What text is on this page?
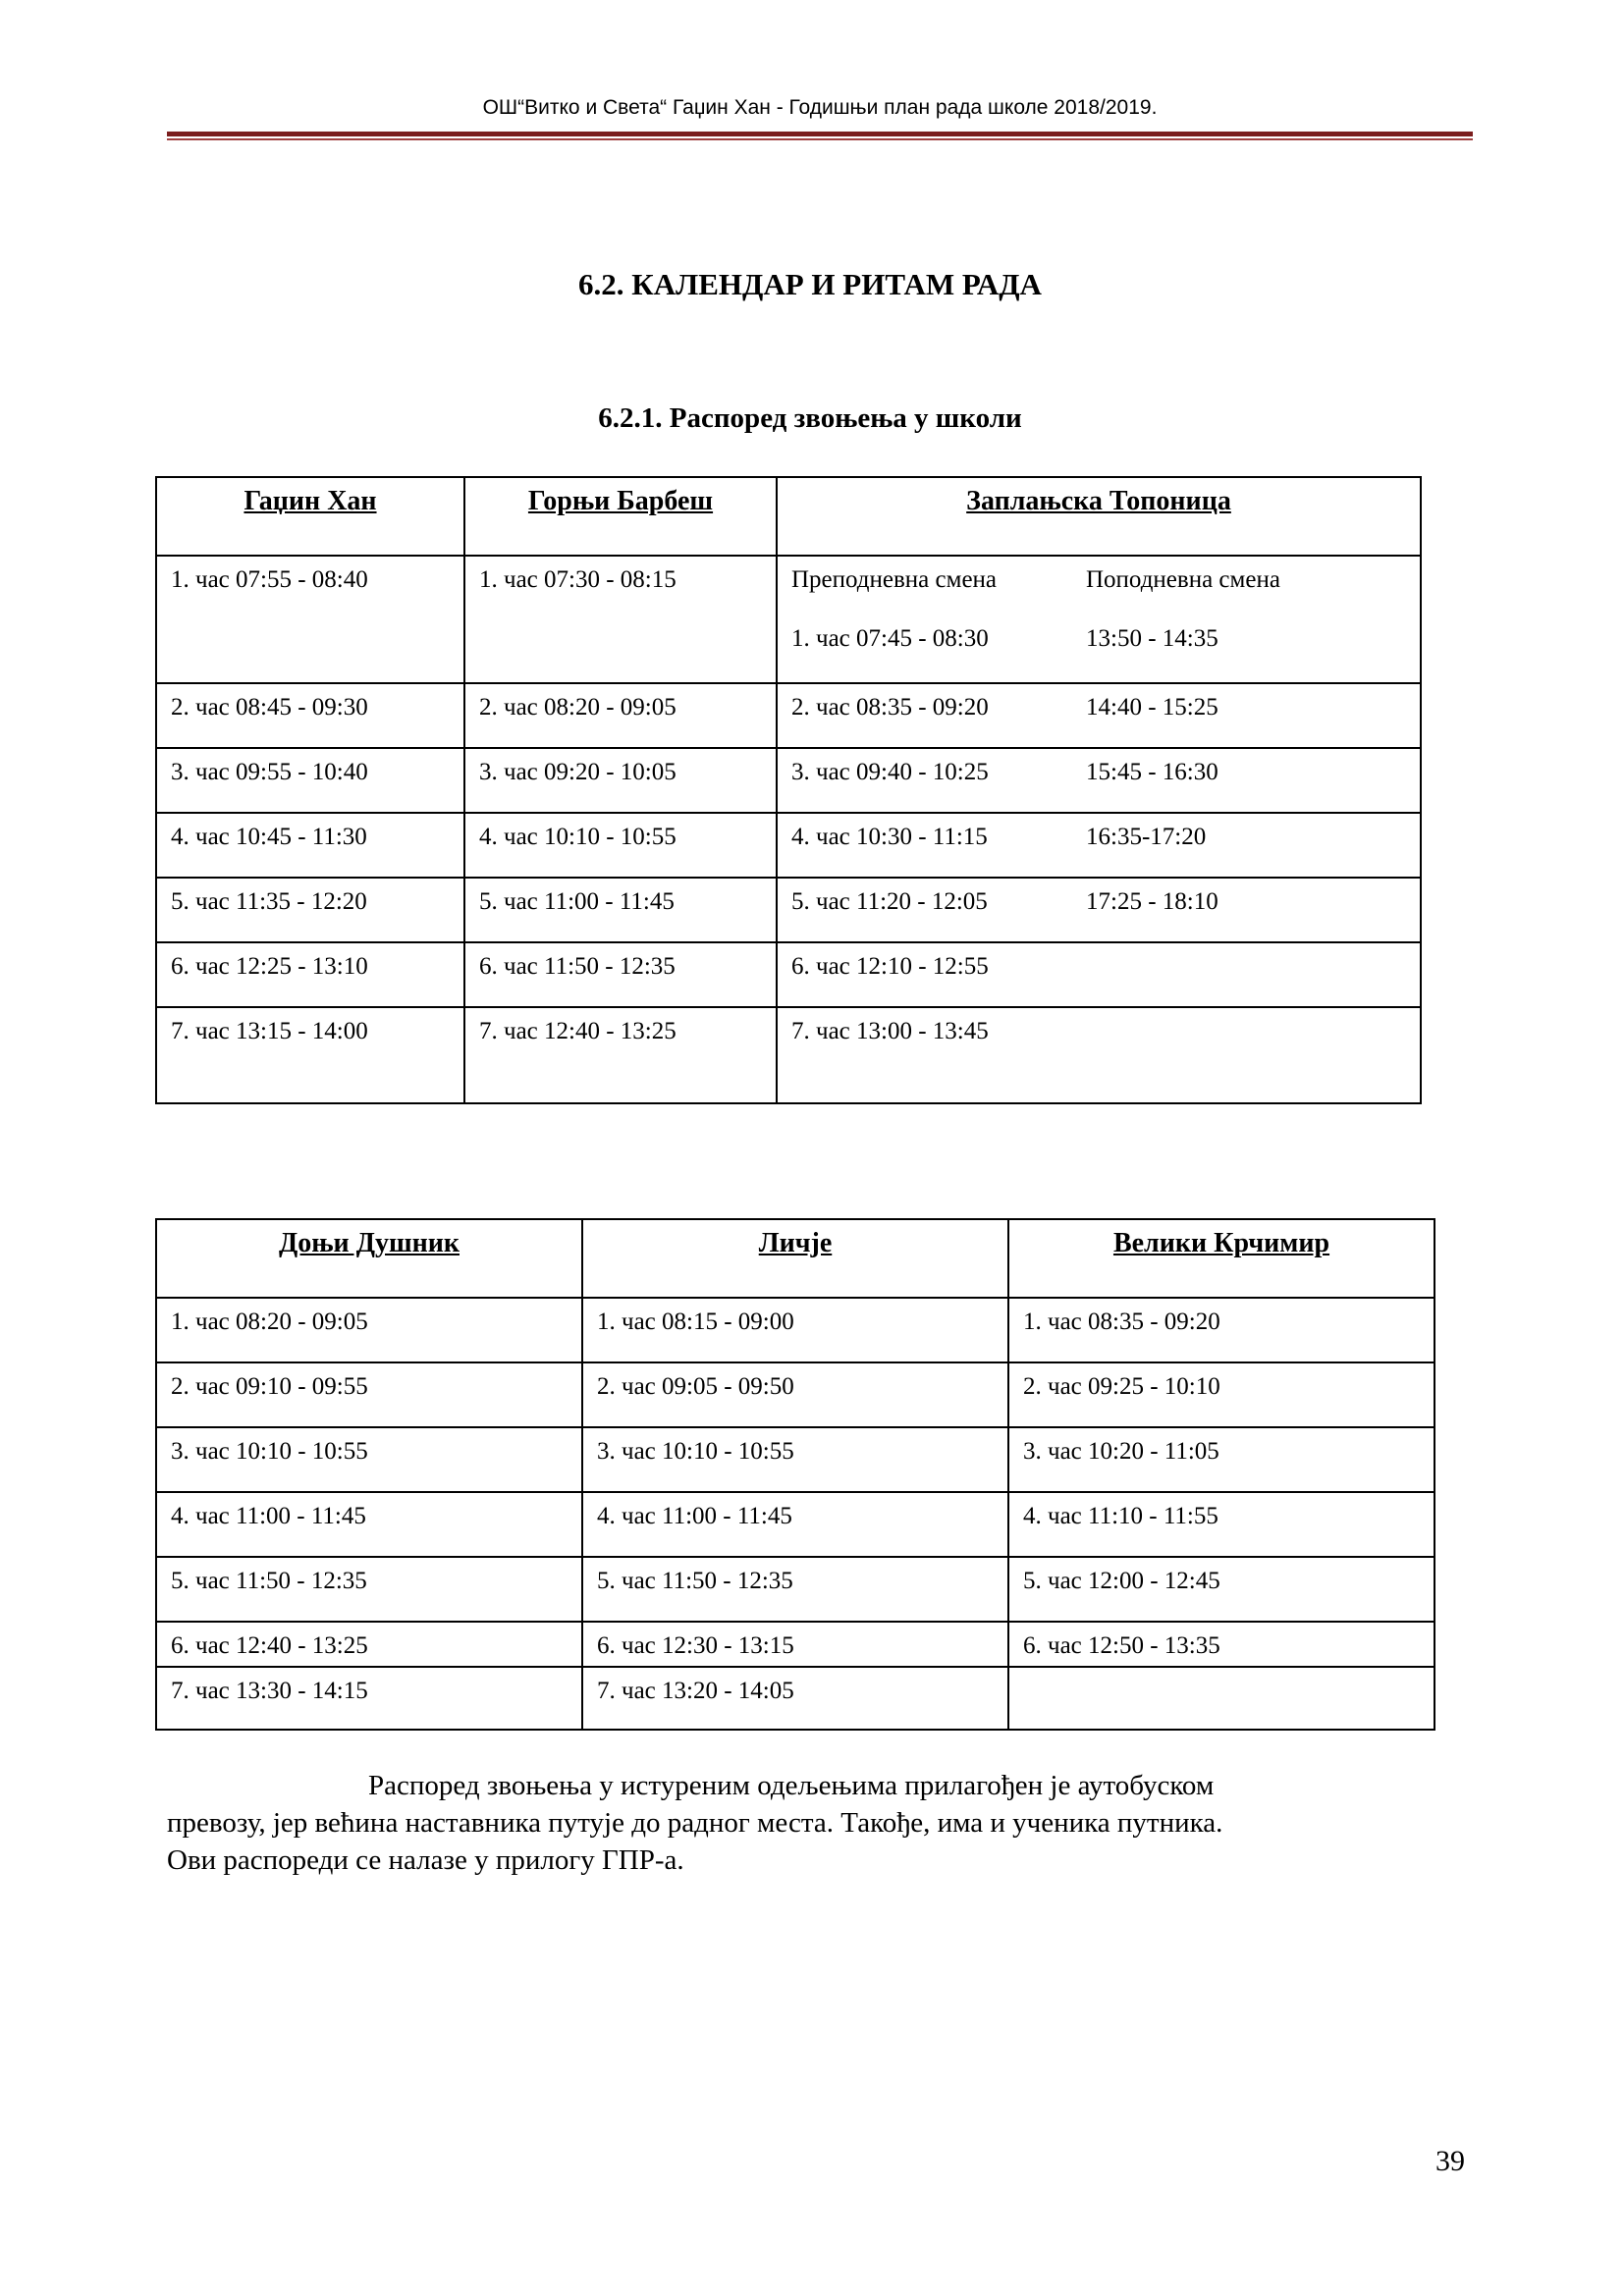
ОШ“Витко и Света“ Гаџин Хан - Годишњи план рада школе 2018/2019.
6.2. КАЛЕНДАР И РИТАМ РАДА
6.2.1. Распоред звоњења у школи
Гаџин Хан	Горњи Барбеш	Заплањска Топоница
1. час 07:55 - 08:40	1. час 07:30 - 08:15	Преподневна смена Поподневна смена
1. час 07:45 - 08:30 13:50 - 14:35

2. час 08:45 - 09:30	2. час 08:20 - 09:05	2. час 08:35 - 09:20 14:40 - 15:25

3. час 09:55 - 10:40	3. час 09:20 - 10:05	3. час 09:40 - 10:25 15:45 - 16:30

4. час 10:45 - 11:30	4. час 10:10 - 10:55	4. час 10:30 - 11:15 16:35-17:20

5. час 11:35 - 12:20	5. час 11:00 - 11:45	5. час 11:20 - 12:05 17:25 - 18:10

6. час 12:25 - 13:10	6. час 11:50 - 12:35	6. час 12:10 - 12:55

7. час 13:15 - 14:00	7. час 12:40 - 13:25	7. час 13:00 - 13:45
Доњи Душник	Личје	Велики Крчимир
1. час 08:20 - 09:05	1. час 08:15 - 09:00	1. час 08:35 - 09:20
2. час 09:10 - 09:55	2. час 09:05 - 09:50	2. час 09:25 - 10:10
3. час 10:10 - 10:55	3. час 10:10 - 10:55	3. час 10:20 - 11:05
4. час 11:00 - 11:45	4. час 11:00 - 11:45	4. час 11:10 - 11:55
5. час 11:50 - 12:35	5. час 11:50 - 12:35	5. час 12:00 - 12:45
6. час 12:40 - 13:25	6. час 12:30 - 13:15	6. час 12:50 - 13:35
7. час 13:30 - 14:15	7. час 13:20 - 14:05	
Распоред звоњења у истуреним одељењима прилагођен је аутобуском
превозу, јер већина наставника путује до радног места. Такође, има и ученика путника.
Ови распореди се налазе у прилогу ГПР-а.
39
